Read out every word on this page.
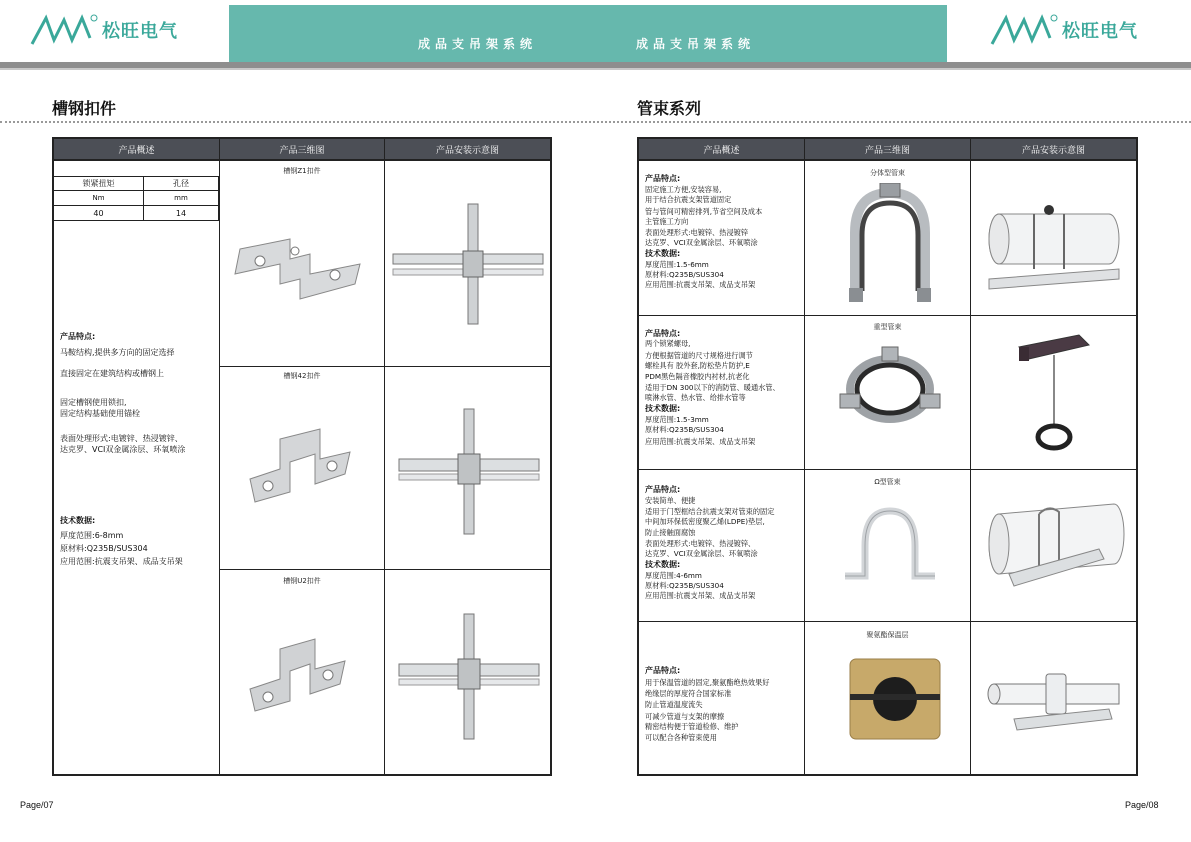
松旺电气
成品支吊架系统	成品支吊架系统
松旺电气
槽钢扣件	管束系列
产品概述	产品三维图	产品安装示意图
锁紧扭矩	孔径
Nm	mm
40	14
产品特点:
马鞍结构,提供多方向的固定选择
直接固定在建筑结构或槽钢上
固定槽钢使用锁扣,
固定结构基础使用锚栓
表面处理形式:电镀锌、热浸镀锌、
达克罗、VCI双金属涂层、环氧喷涂
技术数据:
厚度范围:6-8mm
原材料:Q235B/SUS304
应用范围:抗震支吊架、成品支吊架
槽钢Z1扣件
槽钢42扣件
槽钢U2扣件
产品概述	产品三维图	产品安装示意图
产品特点:
固定施工方便,安装容易,
用于结合抗震支架管道固定
管与管间可精密排列,节省空间及成本
主管施工方向
表面处理形式:电镀锌、热浸镀锌
达克罗、VCI双金属涂层、环氧喷涂
技术数据:
厚度范围:1.5-6mm
原材料:Q235B/SUS304
应用范围:抗震支吊架、成品支吊架
分体型管束
产品特点:
两个锁紧螺母,
方便根据管道的尺寸规格进行调节
螺栓具有 胶外套,防松垫片防护,E
PDM黑色隔音橡胶内衬材,抗老化
适用于DN 300以下的消防管、暖通水管、
喷淋水管、热水管、给排水管等
技术数据:
厚度范围:1.5-3mm
原材料:Q235B/SUS304
应用范围:抗震支吊架、成品支吊架
重型管束
产品特点:
安装简单、便捷
适用于门型框结合抗震支架对管束的固定
中间加环保低密度聚乙烯(LDPE)垫层,
防止接触面腐蚀
表面处理形式:电镀锌、热浸镀锌、
达克罗、VCI双金属涂层、环氧喷涂
技术数据:
厚度范围:4-6mm
原材料:Q235B/SUS304
应用范围:抗震支吊架、成品支吊架
Ω型管束
产品特点:
用于保温管道的固定,聚氨酯绝热效果好
绝缘层的厚度符合国家标准
防止管道温度流失
可减少管道与支架的摩擦
精密结构便于管道检修、维护
可以配合各种管束使用
聚氨酯保温层
Page/07	Page/08
